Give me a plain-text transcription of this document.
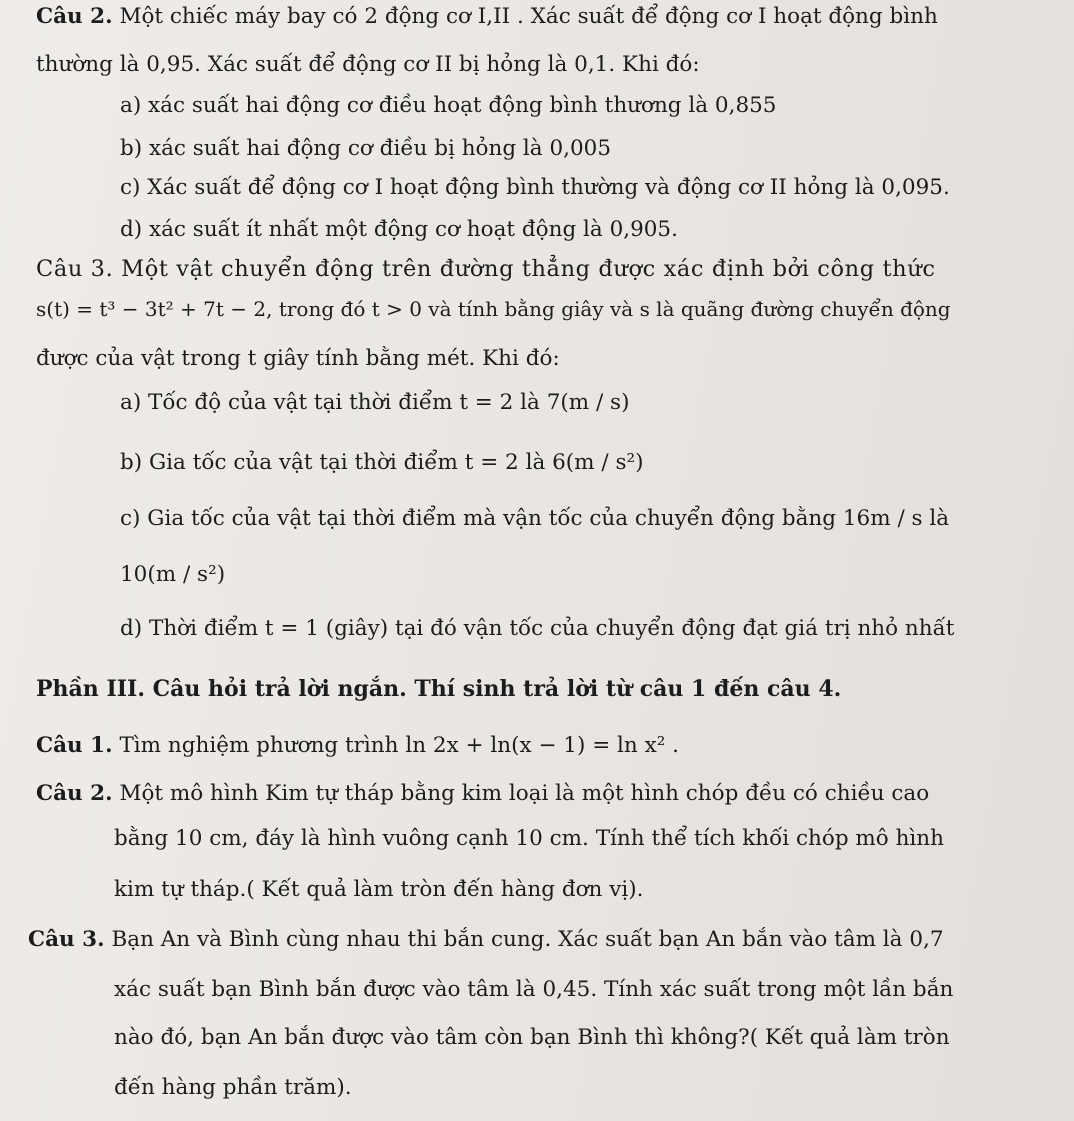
Câu 2. Một chiếc máy bay có 2 động cơ I,II . Xác suất để động cơ I hoạt động bình
thường là 0,95. Xác suất để động cơ II bị hỏng là 0,1. Khi đó:
a) xác suất hai động cơ điều hoạt động bình thương là 0,855
b) xác suất hai động cơ điều bị hỏng là 0,005
c) Xác suất để động cơ I hoạt động bình thường và động cơ II hỏng là 0,095.
d) xác suất ít nhất một động cơ hoạt động là 0,905.
Câu 3. Một vật chuyển động trên đường thẳng được xác định bởi công thức
s(t) = t³ − 3t² + 7t − 2, trong đó t > 0 và tính bằng giây và s là quãng đường chuyển động
được của vật trong t giây tính bằng mét. Khi đó:
a) Tốc độ của vật tại thời điểm t = 2 là 7(m / s)
b) Gia tốc của vật tại thời điểm t = 2 là 6(m / s²)
c) Gia tốc của vật tại thời điểm mà vận tốc của chuyển động bằng 16m / s là
10(m / s²)
d) Thời điểm t = 1 (giây) tại đó vận tốc của chuyển động đạt giá trị nhỏ nhất
Phần III. Câu hỏi trả lời ngắn. Thí sinh trả lời từ câu 1 đến câu 4.
Câu 1. Tìm nghiệm phương trình ln 2x + ln(x − 1) = ln x² .
Câu 2. Một mô hình Kim tự tháp bằng kim loại là một hình chóp đều có chiều cao
bằng 10 cm, đáy là hình vuông cạnh 10 cm. Tính thể tích khối chóp mô hình
kim tự tháp.( Kết quả làm tròn đến hàng đơn vị).
Câu 3. Bạn An và Bình cùng nhau thi bắn cung. Xác suất bạn An bắn vào tâm là 0,7
xác suất bạn Bình bắn được vào tâm là 0,45. Tính xác suất trong một lần bắn
nào đó, bạn An bắn được vào tâm còn bạn Bình thì không?( Kết quả làm tròn
đến hàng phần trăm).
